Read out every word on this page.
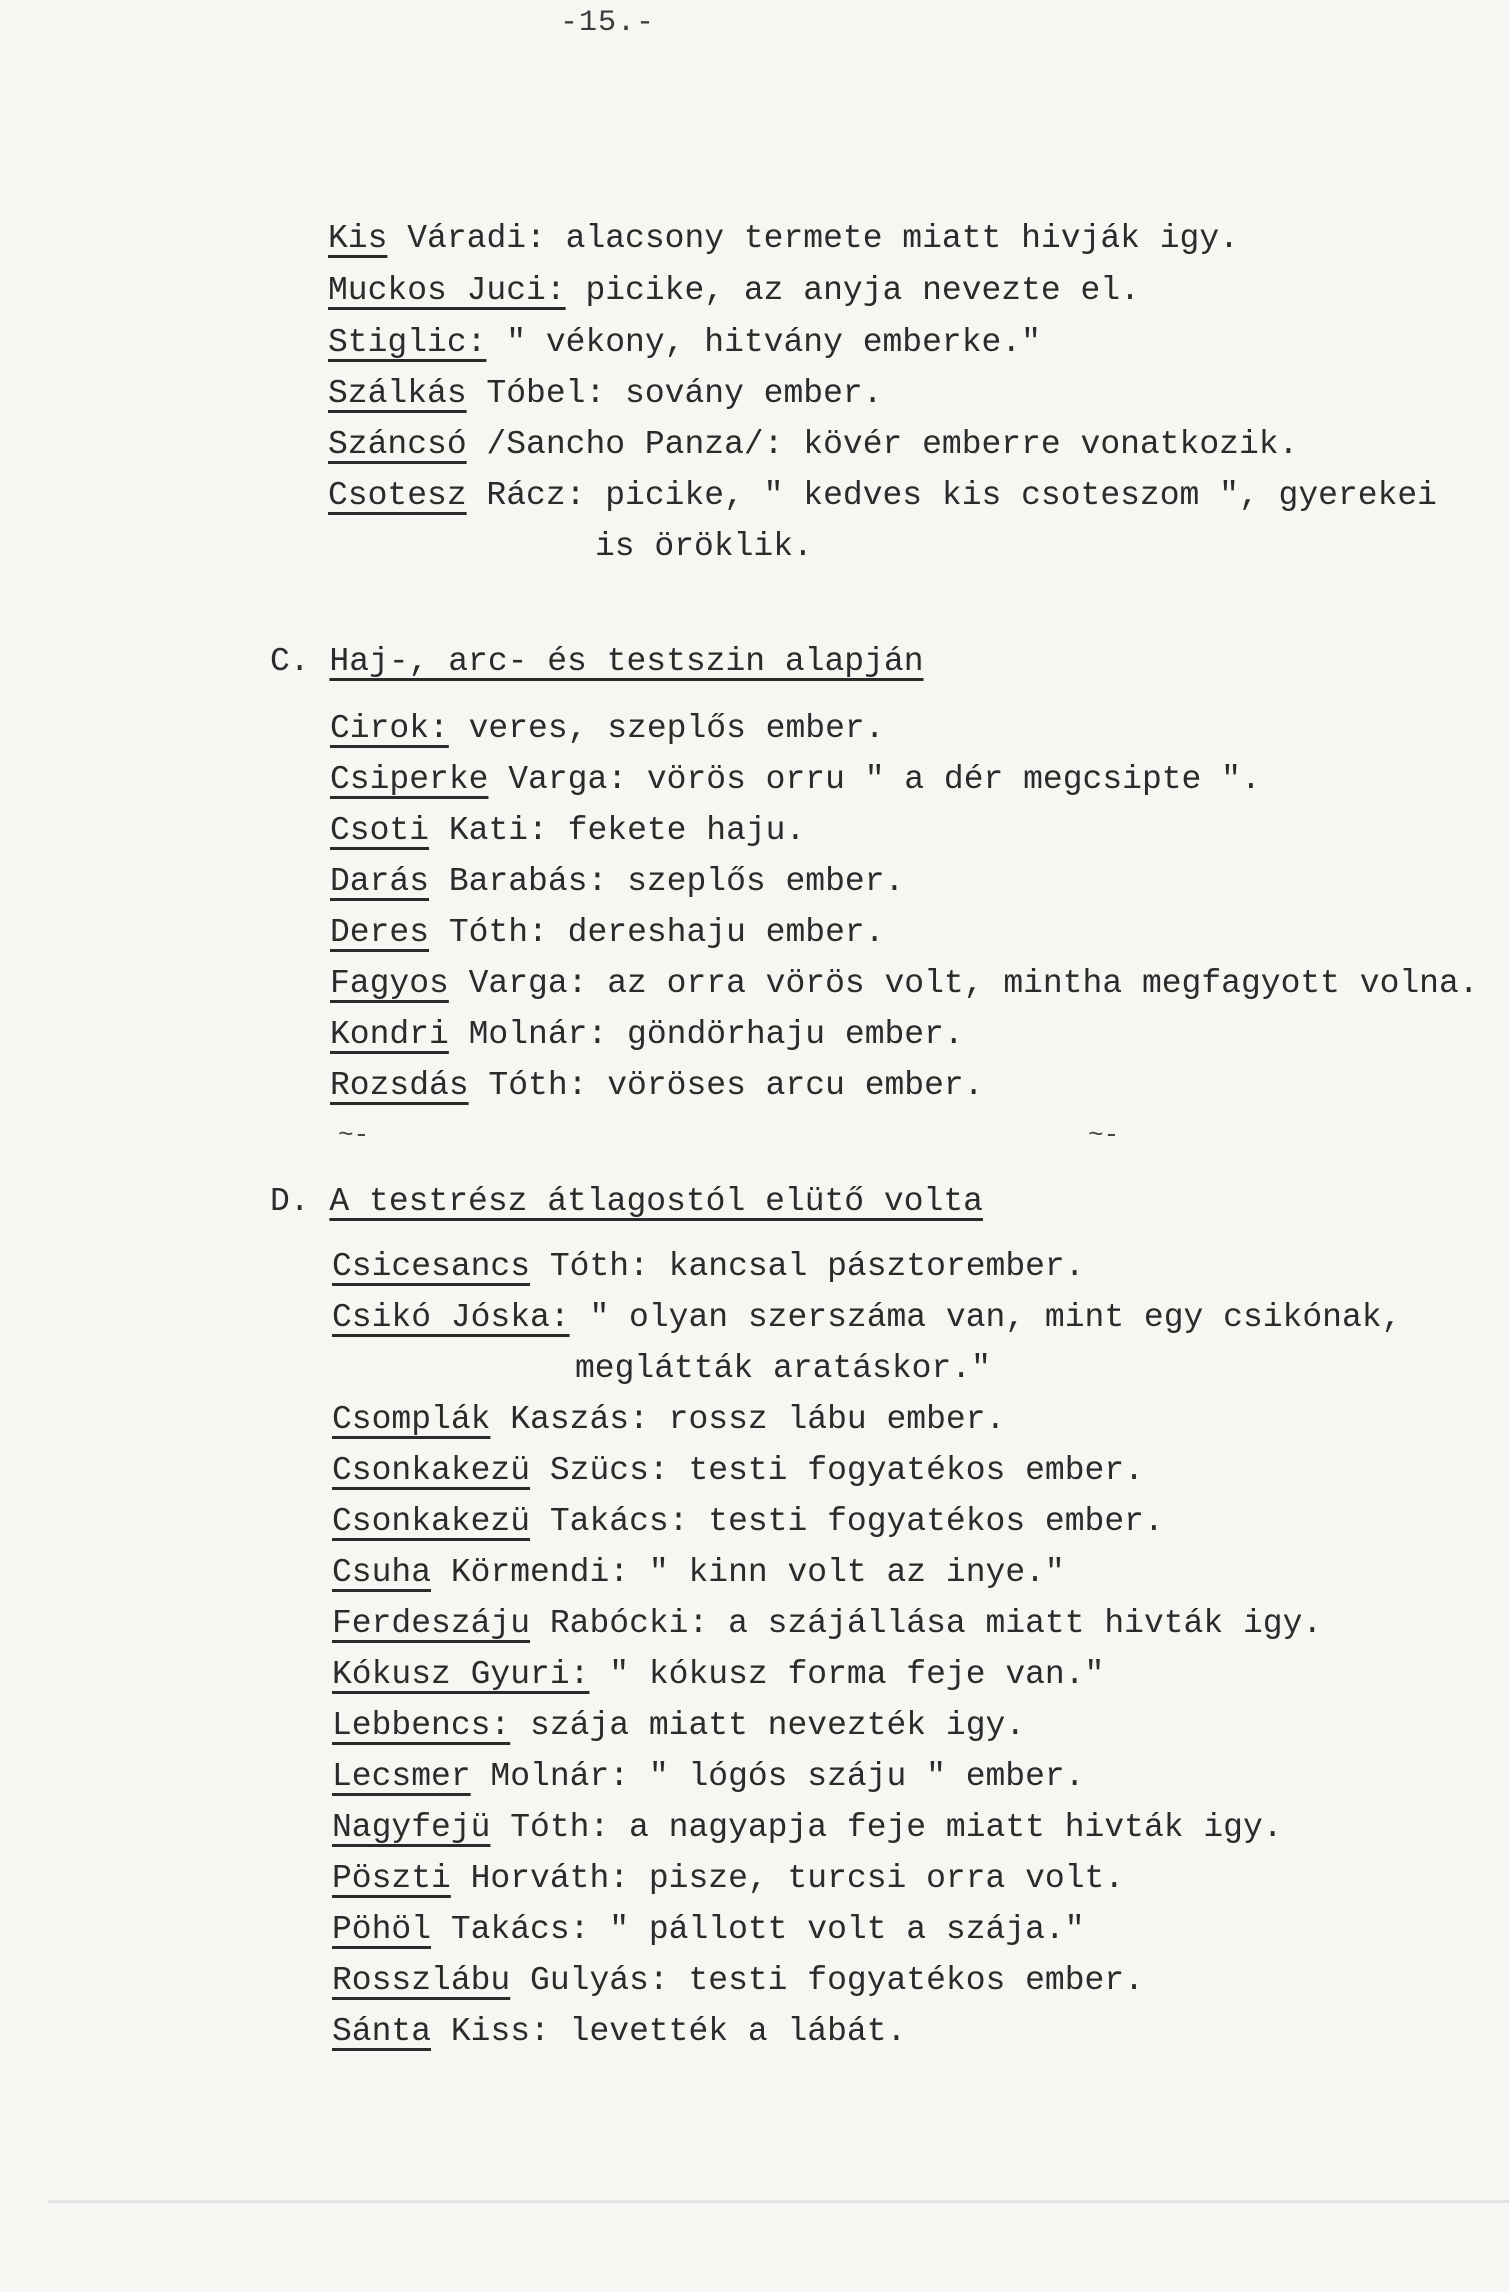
-15.-
Kis Váradi: alacsony termete miatt hivják igy.
Muckos Juci: picike, az anyja nevezte el.
Stiglic: " vékony, hitvány emberke."
Szálkás Tóbel: sovány ember.
Száncsó /Sancho Panza/: kövér emberre vonatkozik.
Csotesz Rácz: picike, " kedves kis csoteszom ", gyerekei
is öröklik.
C. Haj-, arc- és testszin alapján
Cirok: veres, szeplős ember.
Csiperke Varga: vörös orru " a dér megcsipte ".
Csoti Kati: fekete haju.
Darás Barabás: szeplős ember.
Deres Tóth: dereshaju ember.
Fagyos Varga: az orra vörös volt, mintha megfagyott volna.
Kondri Molnár: göndörhaju ember.
Rozsdás Tóth: vöröses arcu ember.
~-	~-
D. A testrész átlagostól elütő volta
Csicesancs Tóth: kancsal pásztorember.
Csikó Jóska: " olyan szerszáma van, mint egy csikónak,
meglátták aratáskor."
Csomplák Kaszás: rossz lábu ember.
Csonkakezü Szücs: testi fogyatékos ember.
Csonkakezü Takács: testi fogyatékos ember.
Csuha Körmendi: " kinn volt az inye."
Ferdeszáju Rabócki: a szájállása miatt hivták igy.
Kókusz Gyuri: " kókusz forma feje van."
Lebbencs: szája miatt nevezték igy.
Lecsmer Molnár: " lógós száju " ember.
Nagyfejü Tóth: a nagyapja feje miatt hivták igy.
Pöszti Horváth: pisze, turcsi orra volt.
Pöhöl Takács: " pállott volt a szája."
Rosszlábu Gulyás: testi fogyatékos ember.
Sánta Kiss: levették a lábát.
